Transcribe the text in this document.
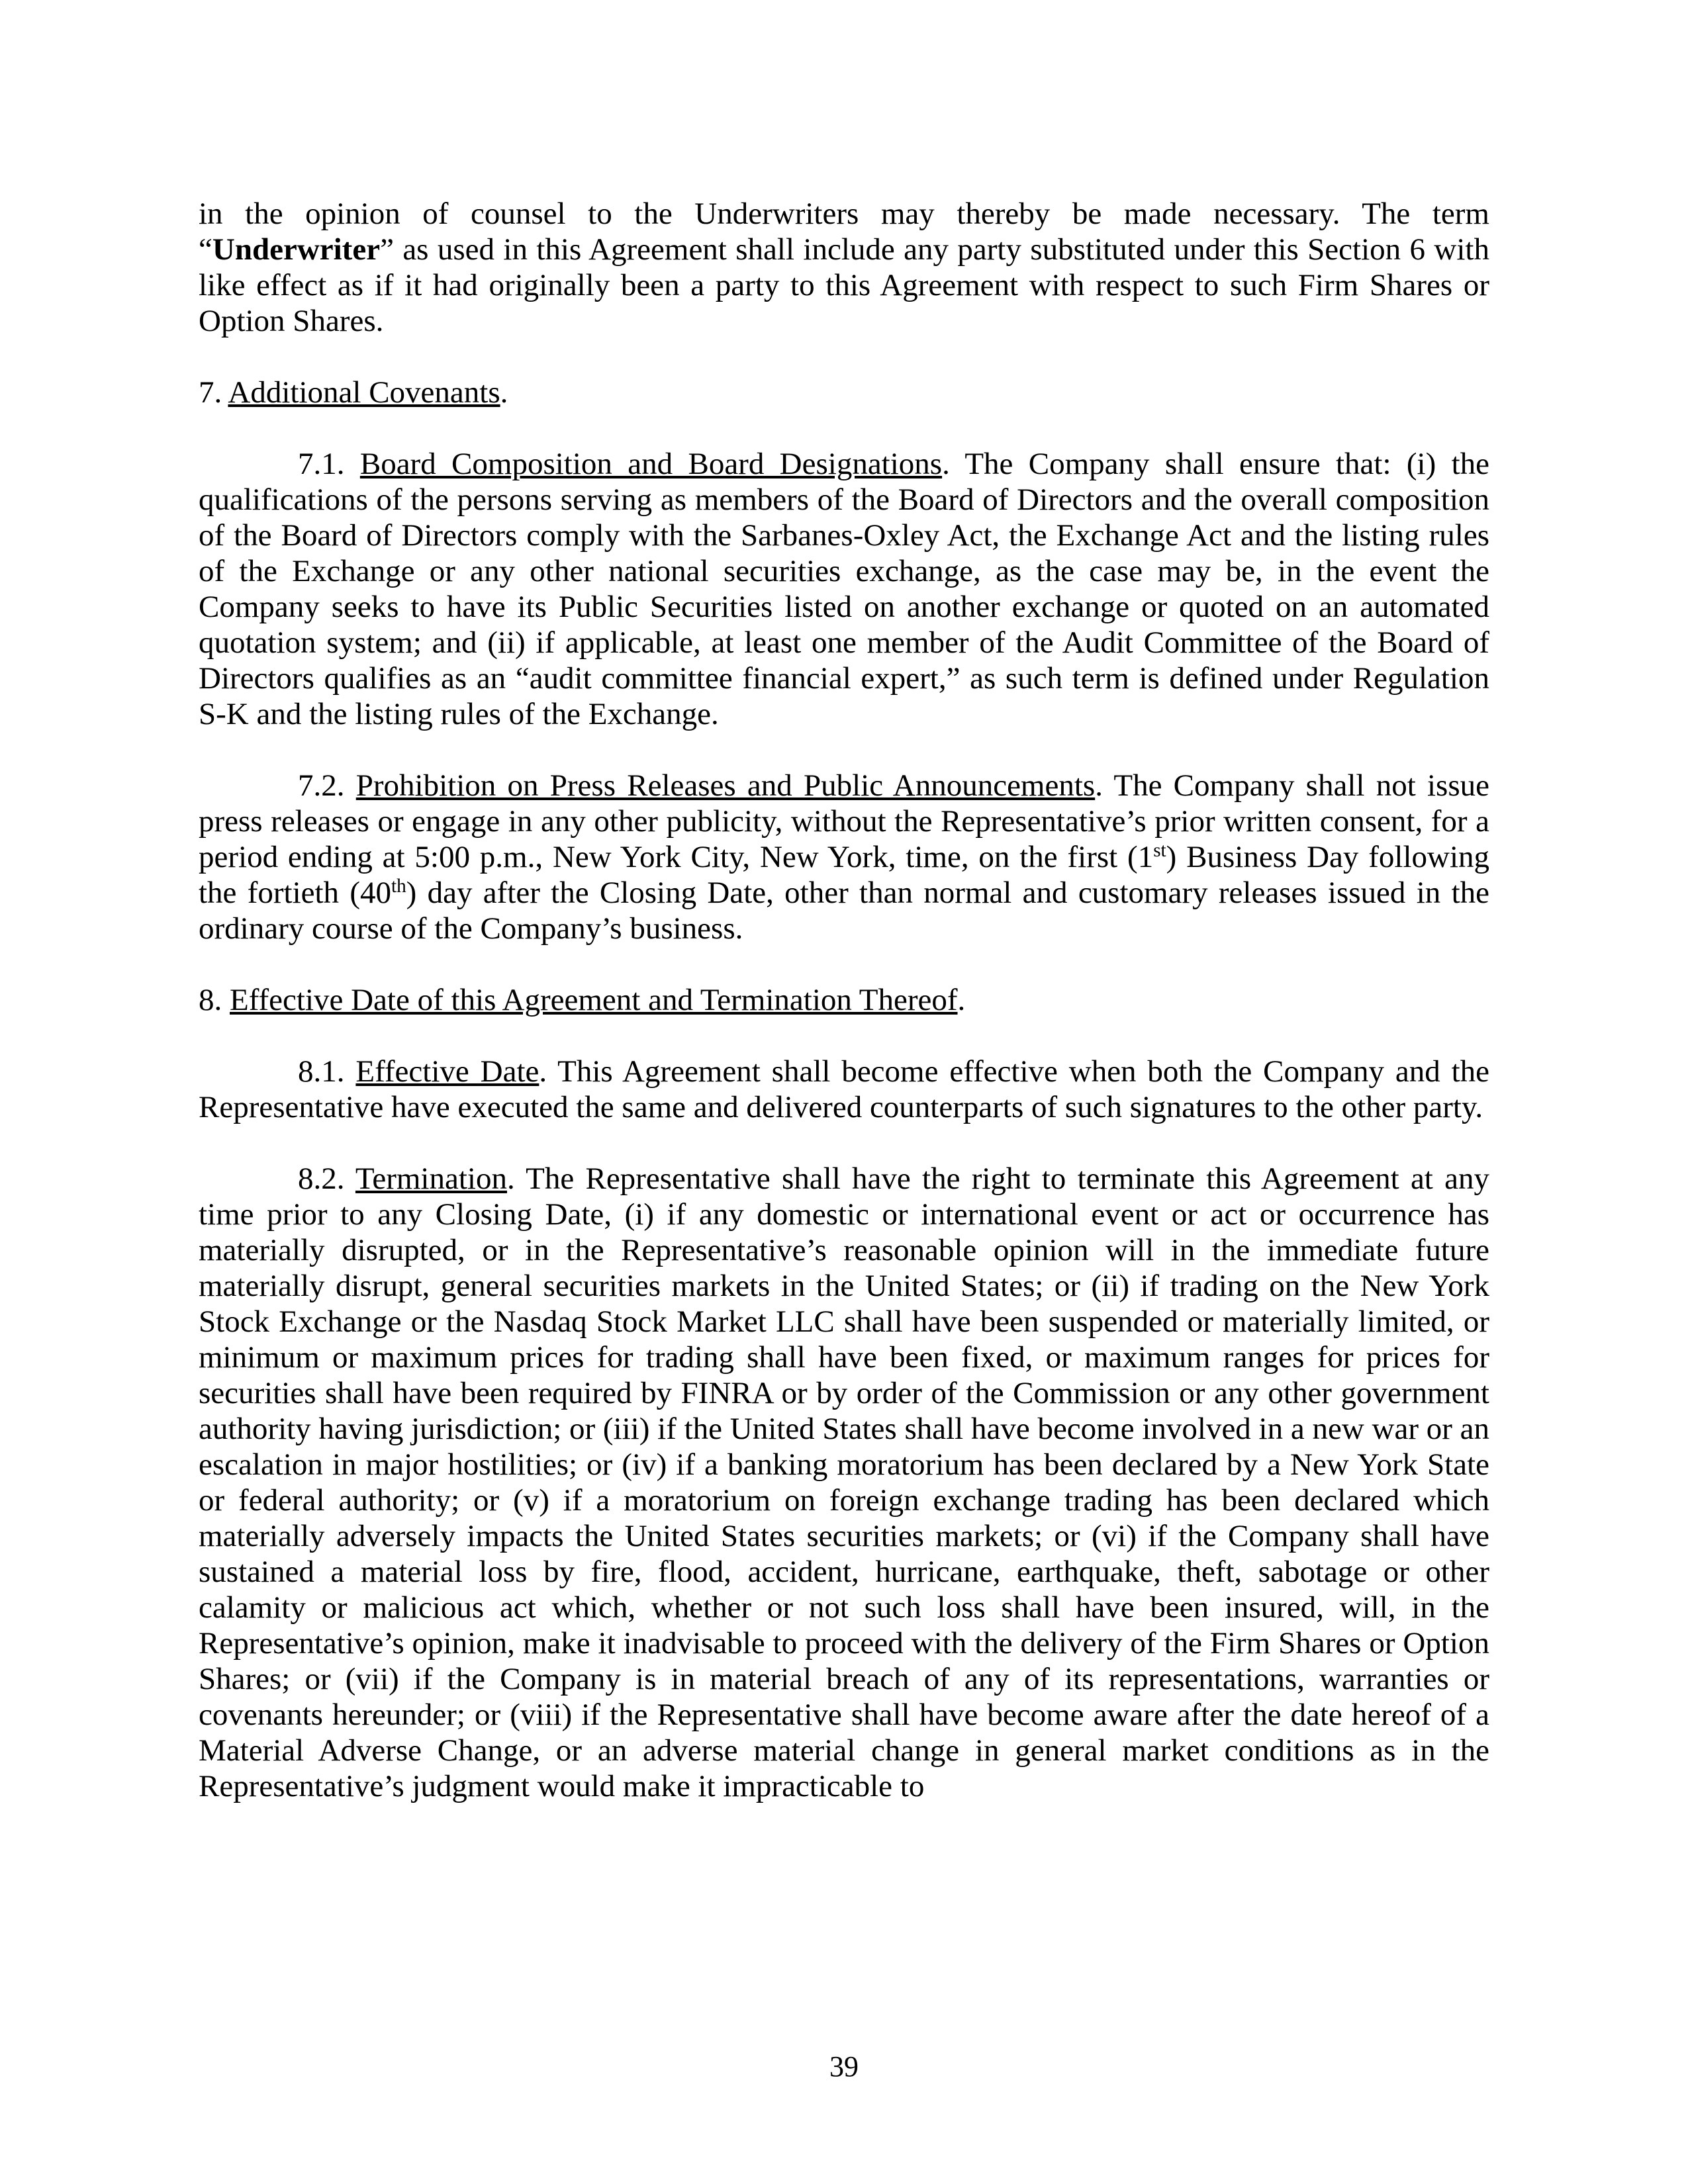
in the opinion of counsel to the Underwriters may thereby be made necessary. The term “Underwriter” as used in this Agreement shall include any party substituted under this Section 6 with like effect as if it had originally been a party to this Agreement with respect to such Firm Shares or Option Shares.

7. Additional Covenants.

7.1. Board Composition and Board Designations. The Company shall ensure that: (i) the qualifications of the persons serving as members of the Board of Directors and the overall composition of the Board of Directors comply with the Sarbanes-Oxley Act, the Exchange Act and the listing rules of the Exchange or any other national securities exchange, as the case may be, in the event the Company seeks to have its Public Securities listed on another exchange or quoted on an automated quotation system; and (ii) if applicable, at least one member of the Audit Committee of the Board of Directors qualifies as an “audit committee financial expert,” as such term is defined under Regulation S-K and the listing rules of the Exchange.

7.2. Prohibition on Press Releases and Public Announcements. The Company shall not issue press releases or engage in any other publicity, without the Representative’s prior written consent, for a period ending at 5:00 p.m., New York City, New York, time, on the first (1st) Business Day following the fortieth (40th) day after the Closing Date, other than normal and customary releases issued in the ordinary course of the Company’s business.

8. Effective Date of this Agreement and Termination Thereof.

8.1. Effective Date. This Agreement shall become effective when both the Company and the Representative have executed the same and delivered counterparts of such signatures to the other party.

8.2. Termination. The Representative shall have the right to terminate this Agreement at any time prior to any Closing Date, (i) if any domestic or international event or act or occurrence has materially disrupted, or in the Representative’s reasonable opinion will in the immediate future materially disrupt, general securities markets in the United States; or (ii) if trading on the New York Stock Exchange or the Nasdaq Stock Market LLC shall have been suspended or materially limited, or minimum or maximum prices for trading shall have been fixed, or maximum ranges for prices for securities shall have been required by FINRA or by order of the Commission or any other government authority having jurisdiction; or (iii) if the United States shall have become involved in a new war or an escalation in major hostilities; or (iv) if a banking moratorium has been declared by a New York State or federal authority; or (v) if a moratorium on foreign exchange trading has been declared which materially adversely impacts the United States securities markets; or (vi) if the Company shall have sustained a material loss by fire, flood, accident, hurricane, earthquake, theft, sabotage or other calamity or malicious act which, whether or not such loss shall have been insured, will, in the Representative’s opinion, make it inadvisable to proceed with the delivery of the Firm Shares or Option Shares; or (vii) if the Company is in material breach of any of its representations, warranties or covenants hereunder; or (viii) if the Representative shall have become aware after the date hereof of a Material Adverse Change, or an adverse material change in general market conditions as in the Representative’s judgment would make it impracticable to

39
